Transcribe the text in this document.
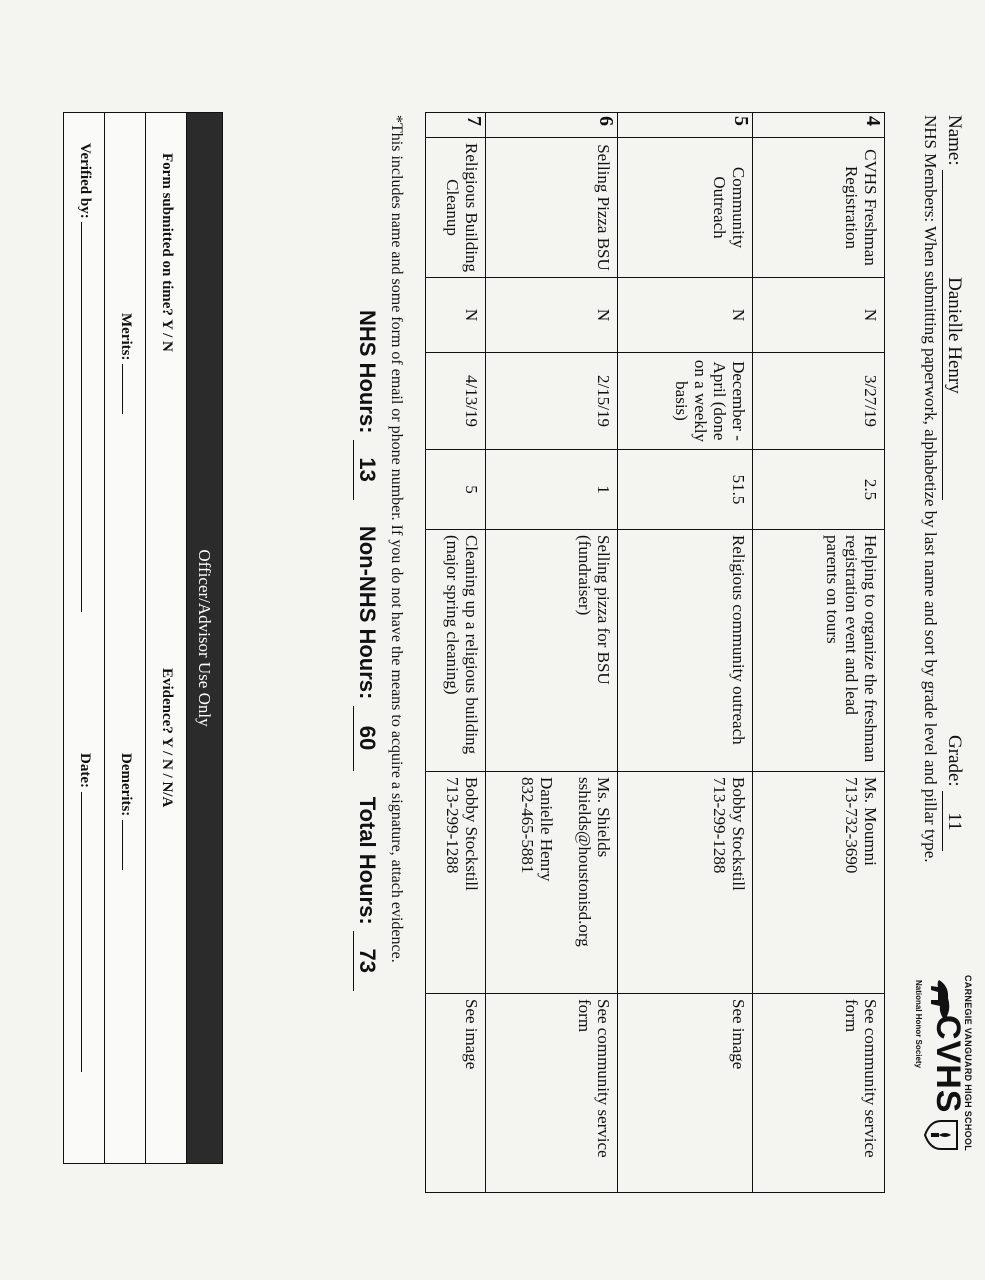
Name: Danielle Henry
Grade: 11
NHS Members: When submitting paperwork, alphabetize by last name and sort by grade level and pillar type.
CARNEGIE VANGUARD HIGH SCHOOL
CVHS
National Honor Society
4	CVHS Freshman Registration	N	3/27/19	2.5	Helping to organize the freshman registration event and lead parents on tours	Ms. Moumni
713-732-3690	See community service form
5	Community Outreach	N	December -April (done on a weekly basis)	51.5	Religious community outreach	Bobby Stockstill
713-299-1288	See image
6	Selling Pizza BSU	N	2/15/19	1	Selling pizza for BSU (fundraiser)	Ms. Shields
sshields@houstonisd.org

Danielle Henry
832-465-5881	See community service form
7	Religious Building Cleanup	N	4/13/19	5	Cleaning up a religious building (major spring cleaning)	Bobby Stockstill
713-299-1288	See image
*This includes name and some form of email or phone number. If you do not have the means to acquire a signature, attach evidence.
NHS Hours: 13  Non-NHS Hours: 60  Total Hours: 73
Officer/Advisor Use Only
Form submitted on time? Y / N
Evidence? Y / N / N/A
Merits:
Demerits:
Verified by:
Date:
